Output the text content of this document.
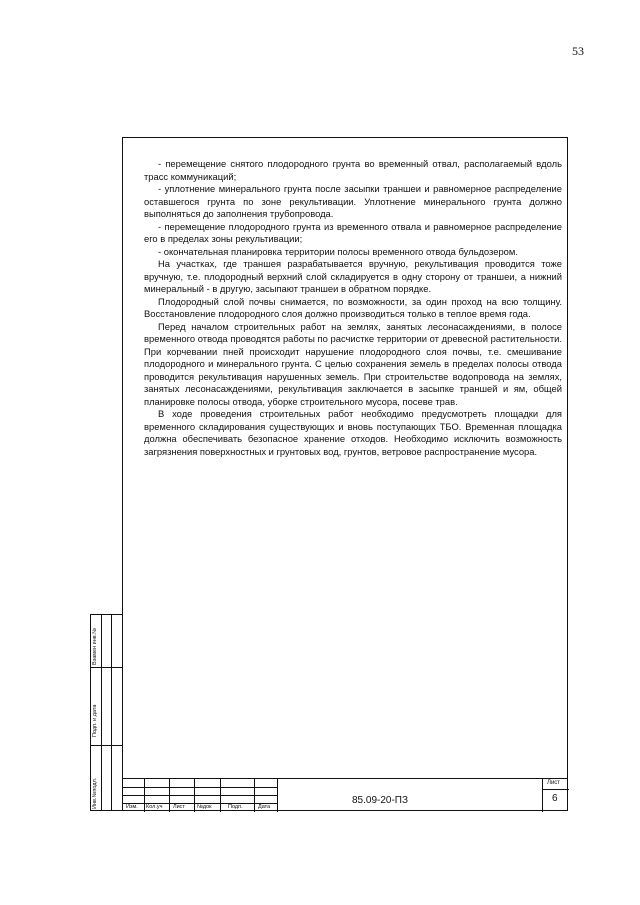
53

- перемещение снятого плодородного грунта во временный отвал, располагаемый вдоль трасс коммуникаций;

- уплотнение минерального грунта после засыпки траншеи и равномерное распределение оставшегося грунта по зоне рекультивации. Уплотнение минерального грунта должно выполняться до заполнения трубопровода.

- перемещение плодородного грунта из временного отвала и равномерное распределение его в пределах зоны рекультивации;

- окончательная планировка территории полосы временного отвода бульдозером.

На участках, где траншея разрабатывается вручную, рекультивация проводится тоже вручную, т.е. плодородный верхний слой складируется в одну сторону от траншеи, а нижний минеральный - в другую, засыпают траншеи в обратном порядке.

Плодородный слой почвы снимается, по возможности, за один проход на всю толщину. Восстановление плодородного слоя должно производиться только в теплое время года.

Перед началом строительных работ на землях, занятых лесонасаждениями, в полосе временного отвода проводятся работы по расчистке территории от древесной растительности. При корчевании пней происходит нарушение плодородного слоя почвы, т.е. смешивание плодородного и минерального грунта. С целью сохранения земель в пределах полосы отвода проводится рекультивация нарушенных земель. При строительстве водопровода на землях, занятых лесонасаждениями, рекультивация заключается в засыпке траншей и ям, общей планировке полосы отвода, уборке строительного мусора, посеве трав.

В ходе проведения строительных работ необходимо предусмотреть площадки для временного складирования существующих и вновь поступающих ТБО. Временная площадка должна обеспечивать безопасное хранение отходов. Необходимо исключить возможность загрязнения поверхностных и грунтовых вод, грунтов, ветровое распространение мусора.

Взамен инв.№
Подп. и дата
Инв.№подл.	Изм. Кол.уч Лист №док	Подп.	Дата
85.09-20-ПЗ
Лист
6
